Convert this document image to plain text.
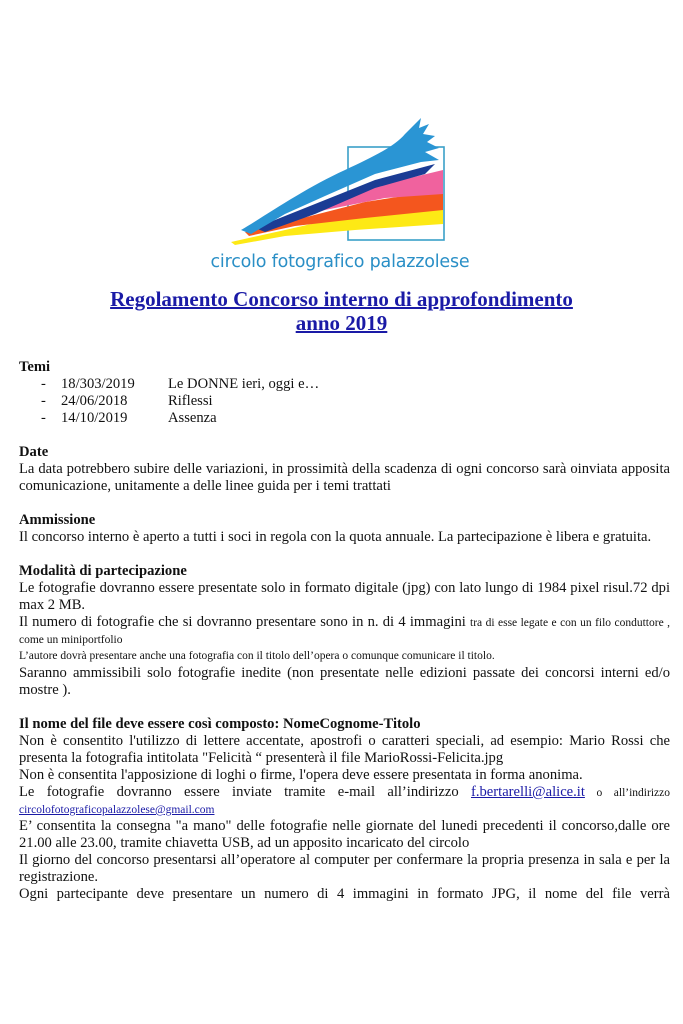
circolo fotografico palazzolese
Regolamento Concorso interno di approfondimento
anno 2019
Temi
-	18/303/2019	Le DONNE ieri, oggi e…
-	24/06/2018	Riflessi
-	14/10/2019	Assenza
Date

La data potrebbero subire delle variazioni, in prossimità della scadenza di ogni concorso sarà oinviata apposita comunicazione, unitamente a delle linee guida per i temi trattati

Ammissione

Il concorso interno è aperto a tutti i soci in regola con la quota annuale. La partecipazione è libera e gratuita.

Modalità di partecipazione

Le fotografie dovranno essere presentate solo in formato digitale (jpg) con lato lungo di 1984 pixel risul.72 dpi max 2 MB.

Il numero di fotografie che si dovranno presentare sono in n. di 4 immagini tra di esse legate e con un filo conduttore , come un miniportfolio

L’autore dovrà presentare anche una fotografia con il titolo dell’opera o comunque comunicare il titolo.

Saranno ammissibili solo fotografie inedite (non presentate nelle edizioni passate dei concorsi interni ed/o mostre ).

Il nome del file deve essere così composto: NomeCognome-Titolo

Non è consentito l'utilizzo di lettere accentate, apostrofi o caratteri speciali, ad esempio: Mario Rossi che presenta la fotografia intitolata "Felicità “ presenterà il file MarioRossi-Felicita.jpg

Non è consentita l'apposizione di loghi o firme, l'opera deve essere presentata in forma anonima.

Le fotografie dovranno essere inviate tramite e-mail all’indirizzo f.bertarelli@alice.it o all’indirizzo circolofotograficopalazzolese@gmail.com

E’ consentita la consegna "a mano" delle fotografie nelle giornate del lunedi precedenti il concorso,dalle ore 21.00 alle 23.00, tramite chiavetta USB, ad un apposito incaricato del circolo

Il giorno del concorso presentarsi all’operatore al computer per confermare la propria presenza in sala e per la registrazione.

Ogni partecipante deve presentare un numero di 4 immagini in formato JPG, il nome del file verrà
